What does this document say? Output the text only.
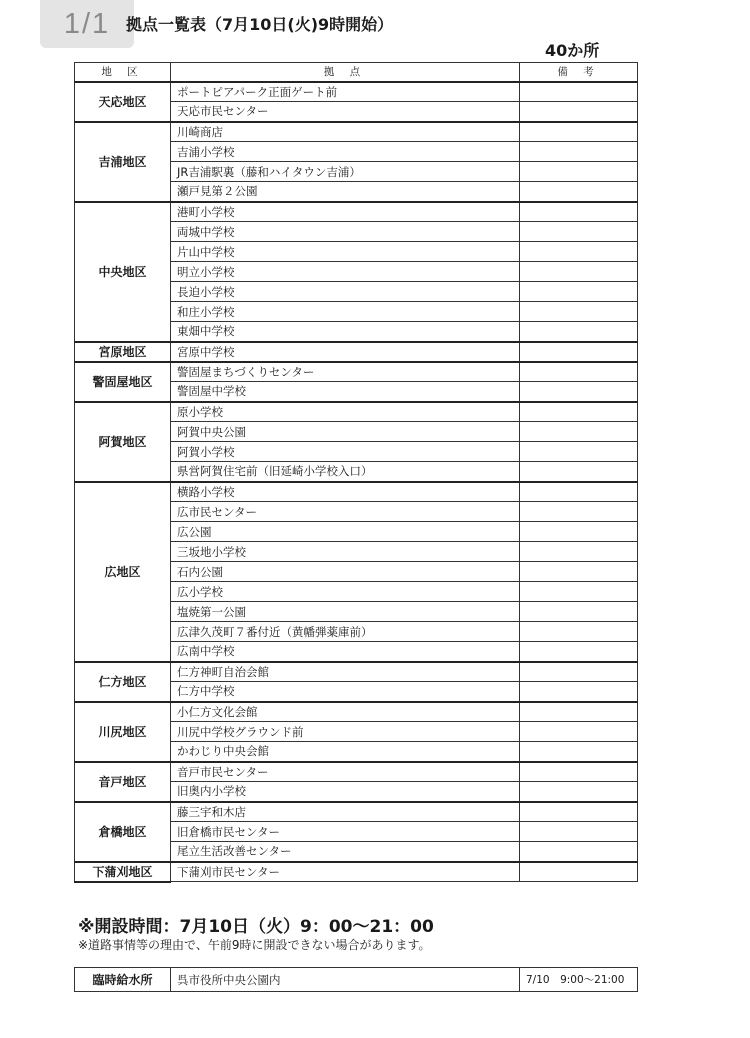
1/1 拠点一覧表（7月10日(火)9時開始）
40か所
地 区	拠 点	備 考
天応地区	ポートピアパーク正面ゲート前	
	天応市民センター	
吉浦地区	川崎商店	
	吉浦小学校	
	JR吉浦駅裏（藤和ハイタウン吉浦）	
	瀬戸見第２公園	
中央地区	港町小学校	
	両城中学校	
	片山中学校	
	明立小学校	
	長迫小学校	
	和庄小学校	
	東畑中学校	
宮原地区	宮原中学校	
警固屋地区	警固屋まちづくりセンター	
	警固屋中学校	
阿賀地区	原小学校	
	阿賀中央公園	
	阿賀小学校	
	県営阿賀住宅前（旧延崎小学校入口）	
広地区	横路小学校	
	広市民センター	
	広公園	
	三坂地小学校	
	石内公園	
	広小学校	
	塩焼第一公園	
	広津久茂町７番付近（黄幡弾薬庫前）	
	広南中学校	
仁方地区	仁方神町自治会館	
	仁方中学校	
川尻地区	小仁方文化会館	
	川尻中学校グラウンド前	
	かわじり中央会館	
音戸地区	音戸市民センター	
	旧奥内小学校	
倉橋地区	藤三宇和木店	
	旧倉橋市民センター	
	尾立生活改善センター	
下蒲刈地区	下蒲刈市民センター	
※開設時間：7月10日（火）9：00〜21：00
※道路事情等の理由で、午前9時に開設できない場合があります。
臨時給水所	呉市役所中央公園内	7/10　9:00〜21:00
